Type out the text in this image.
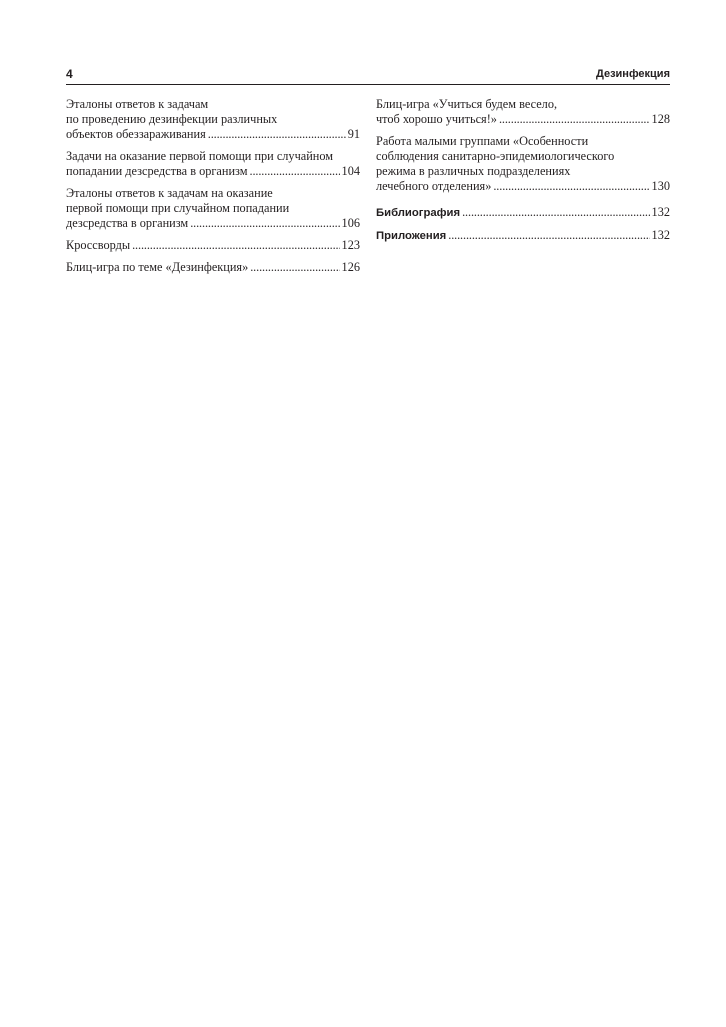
4	Дезинфекция
Эталоны ответов к задачам
по проведению дезинфекции различных
объектов обеззараживания . . .	91
Задачи на оказание первой помощи при случайном
попадании дезсредства в организм . . .	104
Эталоны ответов к задачам на оказание
первой помощи при случайном попадании
дезсредства в организм . . .	106
Кроссворды . . .	123
Блиц-игра по теме «Дезинфекция» . . .	126
Блиц-игра «Учиться будем весело,
чтоб хорошо учиться!» . . .	128
Работа малыми группами «Особенности
соблюдения санитарно-эпидемиологического
режима в различных подразделениях
лечебного отделения» . . .	130
Библиография . . .	132
Приложения . . .	132
